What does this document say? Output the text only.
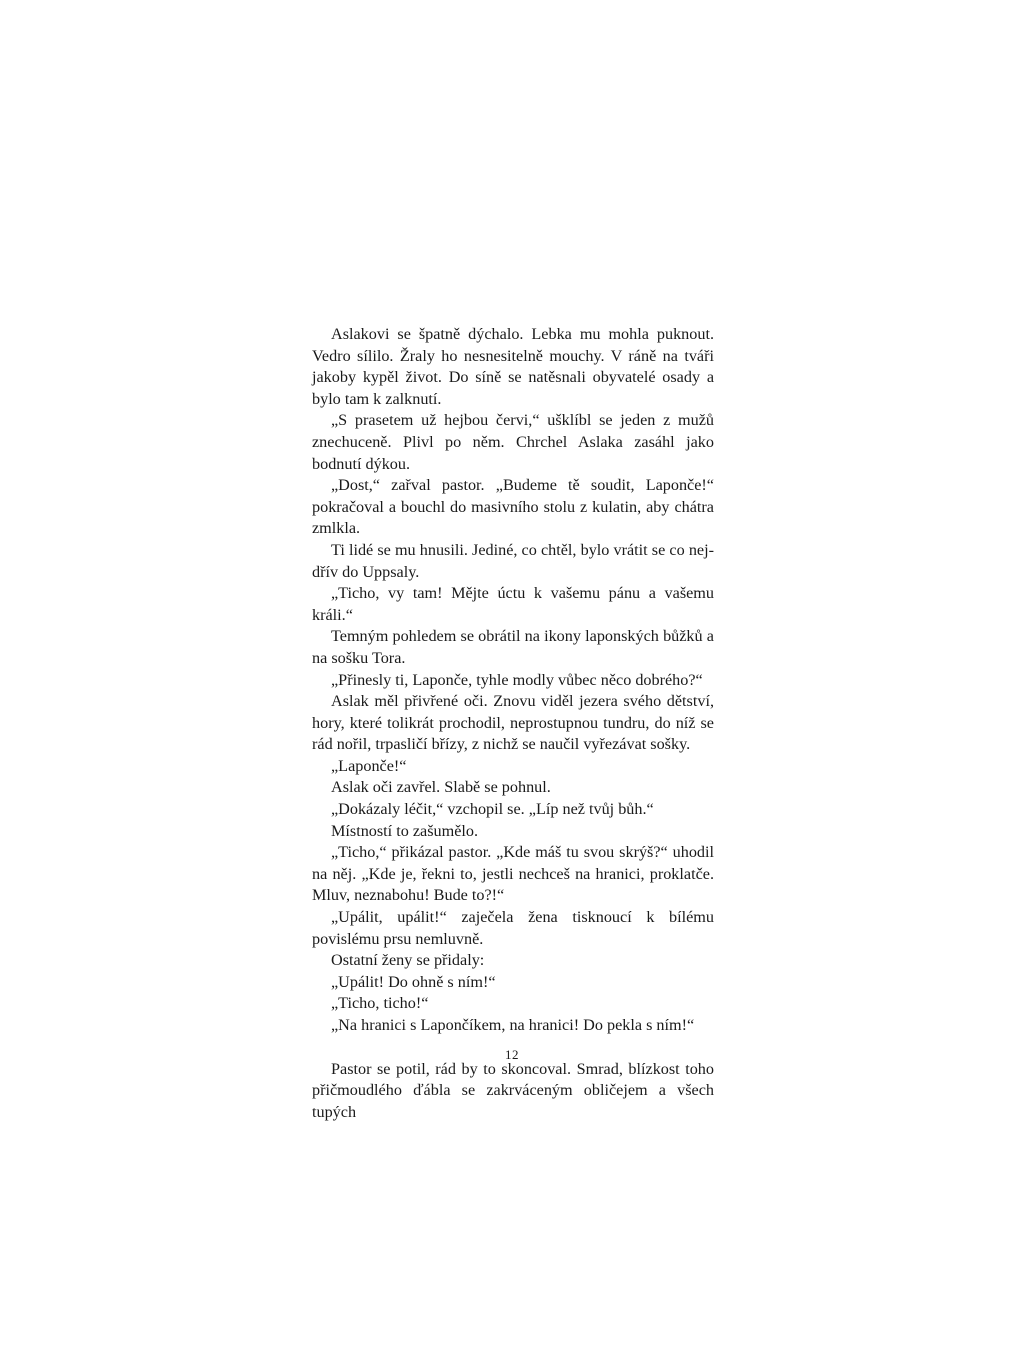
Aslakovi se špatně dýchalo. Lebka mu mohla puknout. Vedro sílilo. Žraly ho nesnesitelně mouchy. V ráně na tváři jakoby kypěl život. Do síně se natěsnali obyvatelé osady a bylo tam k zalknutí.

„S prasetem už hejbou červi,“ ušklíbl se jeden z mužů znechuceně. Plivl po něm. Chrchel Aslaka zasáhl jako bodnutí dýkou.

„Dost,“ zařval pastor. „Budeme tě soudit, Laponče!“ pokračoval a bouchl do masivního stolu z kulatin, aby chátra zmlkla.

Ti lidé se mu hnusili. Jediné, co chtěl, bylo vrátit se co nejdřív do Uppsaly.

„Ticho, vy tam! Mějte úctu k vašemu pánu a vašemu králi.“

Temným pohledem se obrátil na ikony laponských bůžků a na sošku Tora.

„Přinesly ti, Laponče, tyhle modly vůbec něco dobrého?“

Aslak měl přivřené oči. Znovu viděl jezera svého dětství, hory, které tolikrát prochodil, neprostupnou tundru, do níž se rád nořil, trpasličí břízy, z nichž se naučil vyřezávat sošky.

„Laponče!“

Aslak oči zavřel. Slabě se pohnul.

„Dokázaly léčit,“ vzchopil se. „Líp než tvůj bůh.“

Místností to zašumělo.

„Ticho,“ přikázal pastor. „Kde máš tu svou skrýš?“ uhodil na něj. „Kde je, řekni to, jestli nechceš na hranici, proklatče. Mluv, neznabohu! Bude to?!“

„Upálit, upálit!“ zaječela žena tisknoucí k bílému povislému prsu nemluvně.

Ostatní ženy se přidaly:

„Upálit! Do ohně s ním!“

„Ticho, ticho!“

„Na hranici s Lapončíkem, na hranici! Do pekla s ním!“

Pastor se potil, rád by to skoncoval. Smrad, blízkost toho přičmoudlého ďábla se zakrváceným obličejem a všech tupých

12
